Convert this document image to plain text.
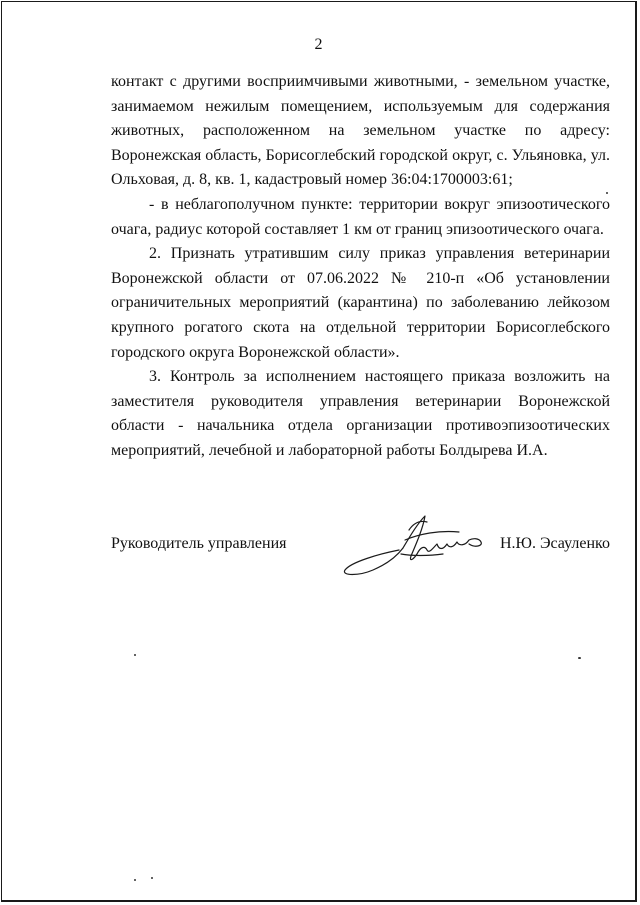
2

контакт с другими восприимчивыми животными, - земельном участке, занимаемом нежилым помещением, используемым для содержания животных, расположенном на земельном участке по адресу: Воронежская область, Борисоглебский городской округ, с. Ульяновка, ул. Ольховая, д. 8, кв. 1, кадастровый номер 36:04:1700003:61;

- в неблагополучном пункте: территории вокруг эпизоотического очага, радиус которой составляет 1 км от границ эпизоотического очага.

2. Признать утратившим силу приказ управления ветеринарии Воронежской области от 07.06.2022 № 210-п «Об установлении ограничительных мероприятий (карантина) по заболеванию лейкозом крупного рогатого скота на отдельной территории Борисоглебского городского округа Воронежской области».

3. Контроль за исполнением настоящего приказа возложить на заместителя руководителя управления ветеринарии Воронежской области - начальника отдела организации противоэпизоотических мероприятий, лечебной и лабораторной работы Болдырева И.А.

Руководитель управления	Н.Ю. Эсауленко
